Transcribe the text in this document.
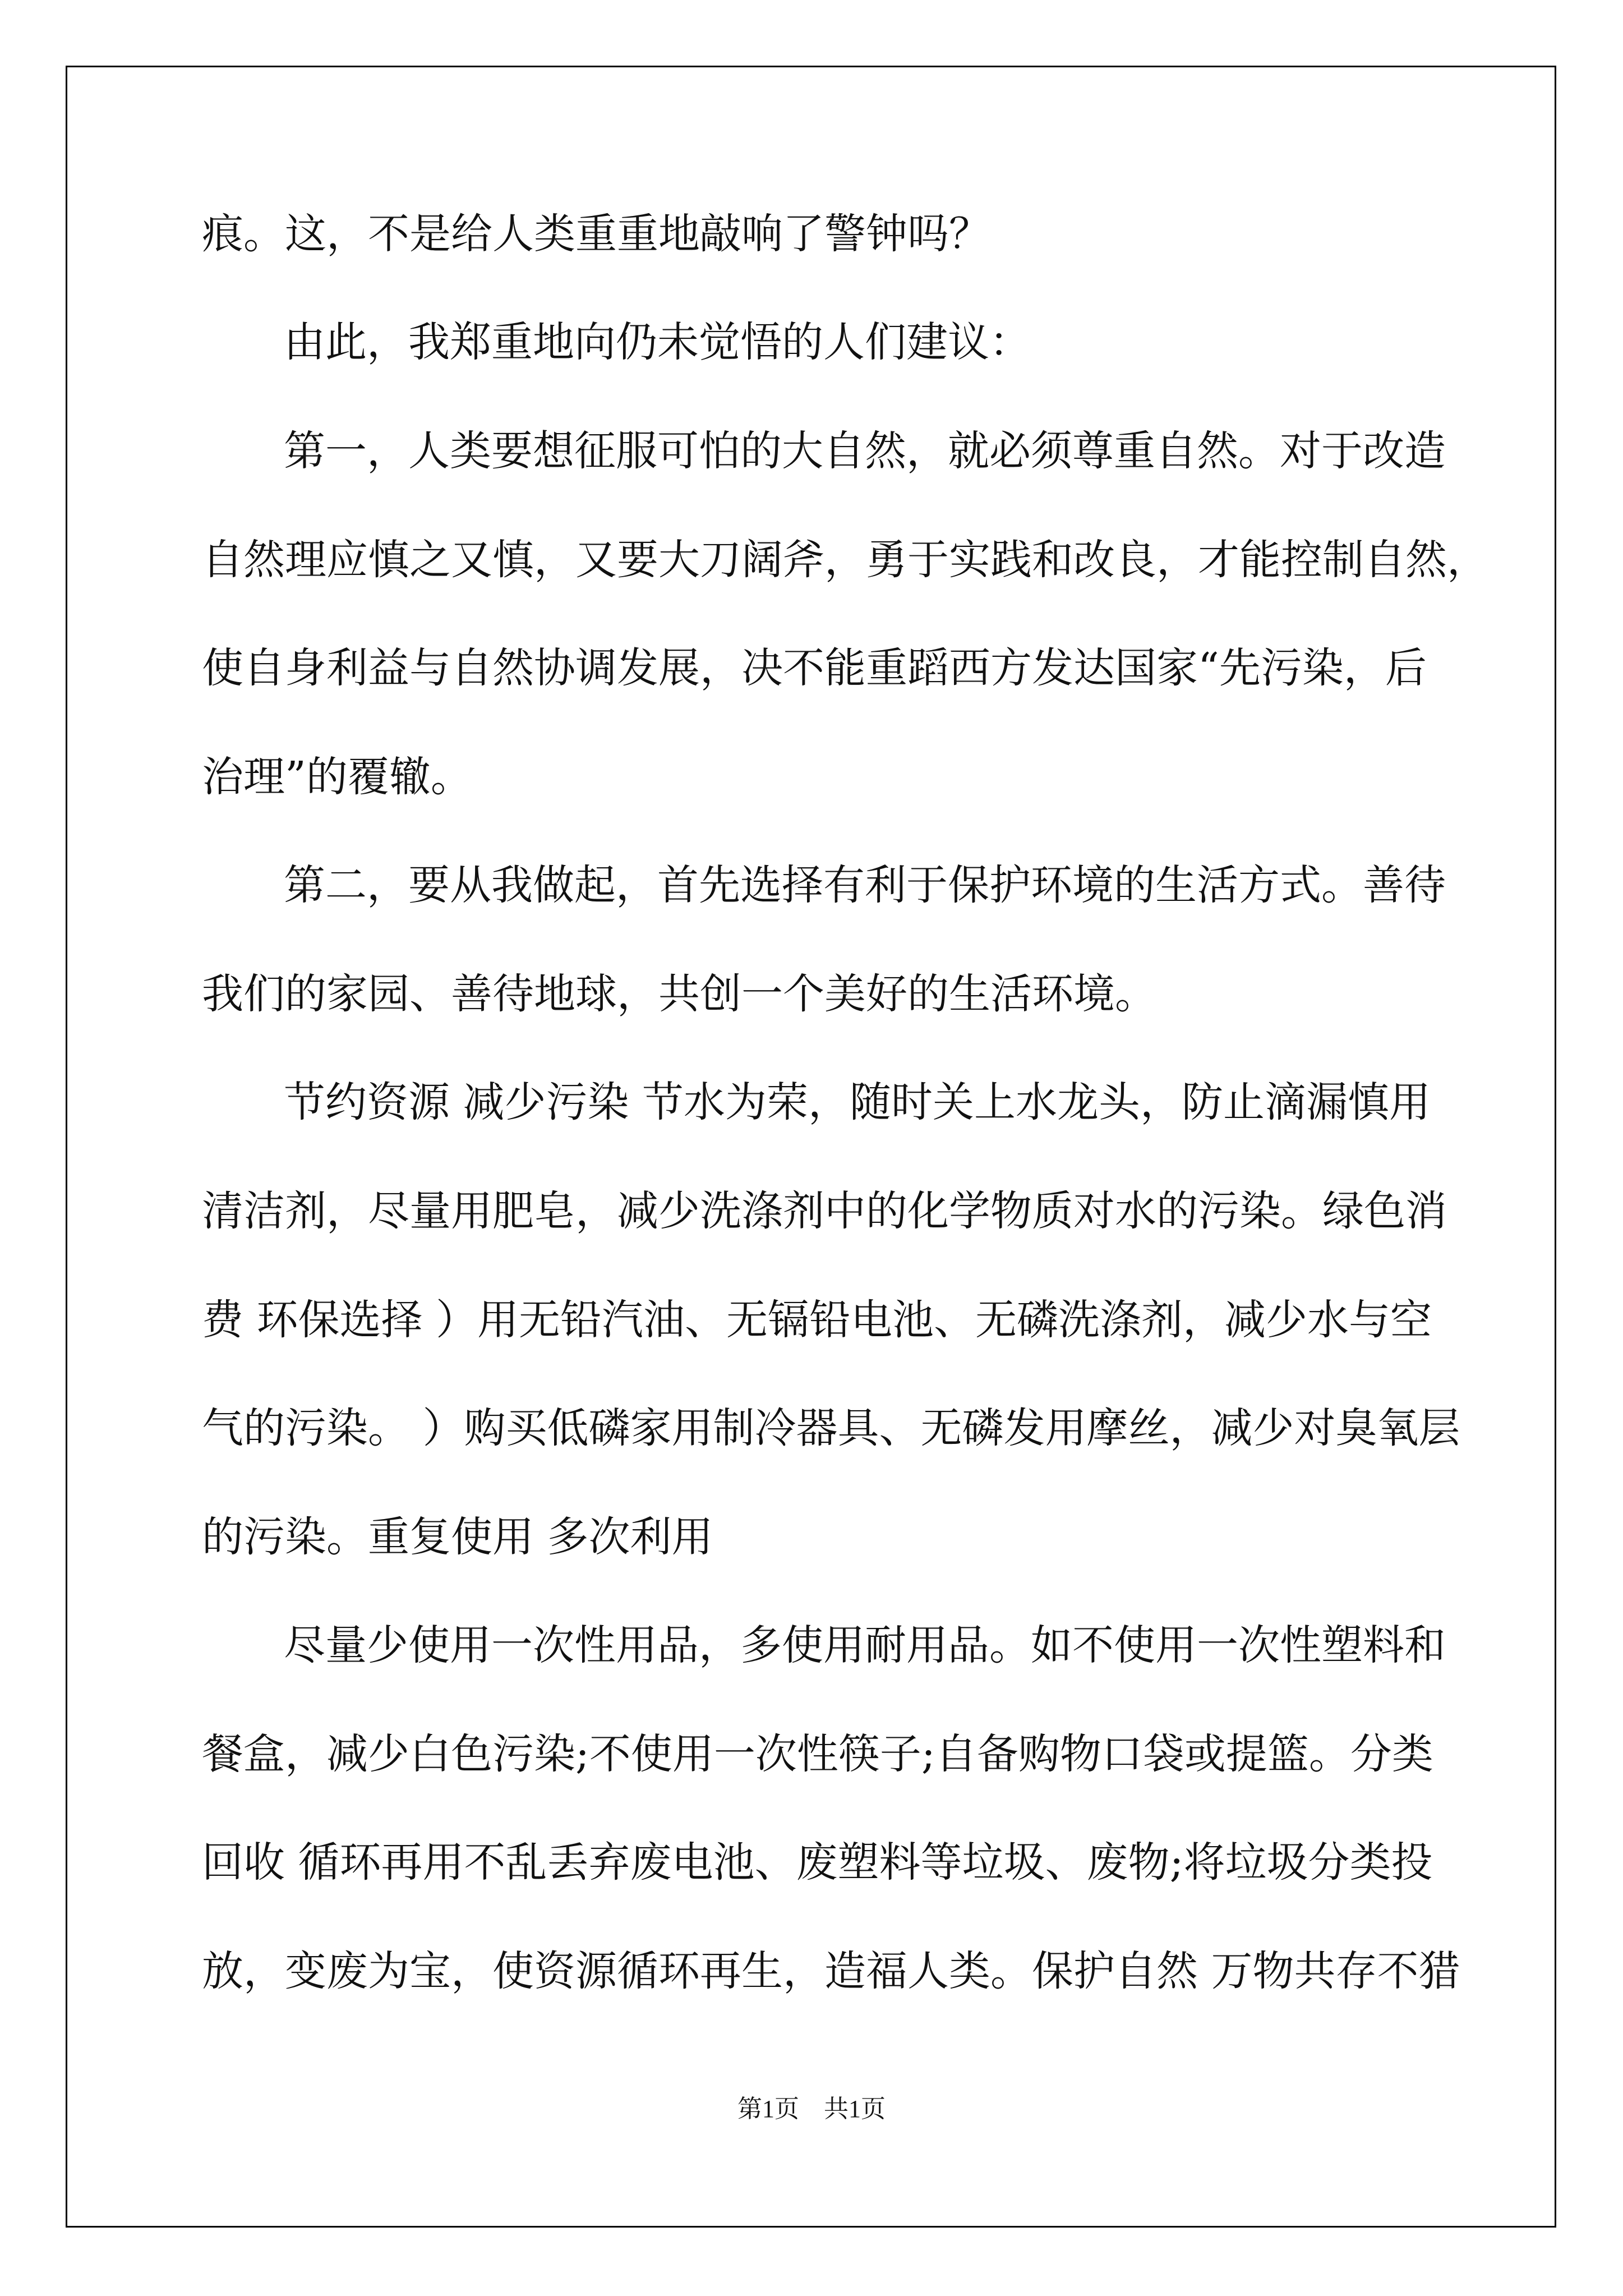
痕。这，不是给人类重重地敲响了警钟吗？
由此，我郑重地向仍未觉悟的人们建议：
第一，人类要想征服可怕的大自然，就必须尊重自然。对于改造
自然理应慎之又慎，又要大刀阔斧，勇于实践和改良，才能控制自然，
使自身利益与自然协调发展，决不能重蹈西方发达国家“先污染，后
治理”的覆辙。
第二，要从我做起，首先选择有利于保护环境的生活方式。善待
我们的家园、善待地球，共创一个美好的生活环境。
节约资源 减少污染 节水为荣，随时关上水龙头，防止滴漏慎用
清洁剂，尽量用肥皂，减少洗涤剂中的化学物质对水的污染。绿色消
费 环保选择 ）用无铅汽油、无镉铅电池、无磷洗涤剂，减少水与空
气的污染。 ）购买低磷家用制冷器具、无磷发用摩丝，减少对臭氧层
的污染。重复使用 多次利用
尽量少使用一次性用品，多使用耐用品。如不使用一次性塑料和
餐盒，减少白色污染;不使用一次性筷子;自备购物口袋或提篮。分类
回收 循环再用不乱丢弃废电池、废塑料等垃圾、废物;将垃圾分类投
放，变废为宝，使资源循环再生，造福人类。保护自然 万物共存不猎
第1页 共1页
